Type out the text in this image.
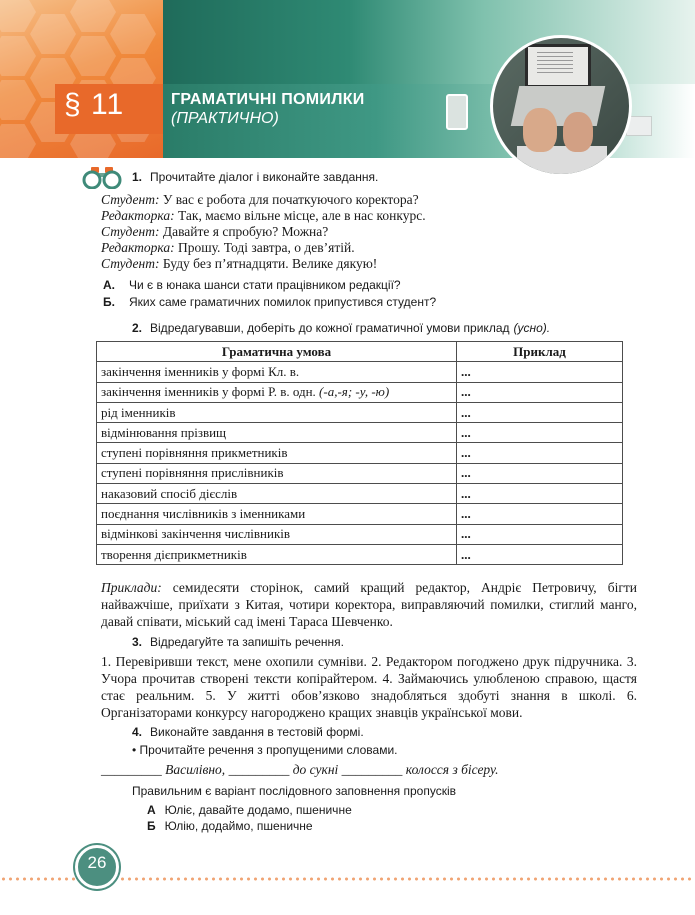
§ 11	ГРАМАТИЧНІ ПОМИЛКИ
(ПРАКТИЧНО)
1. Прочитайте діалог і виконайте завдання.
Студент: У вас є робота для початкуючого коректора?
Редакторка: Так, маємо вільне місце, але в нас конкурс.
Студент: Давайте я спробую? Можна?
Редакторка: Прошу. Тоді завтра, о дев’ятій.
Студент: Буду без п’ятнадцяти. Велике дякую!
А. Чи є в юнака шанси стати працівником редакції?
Б. Яких саме граматичних помилок припустився студент?
2. Відредагувавши, доберіть до кожної граматичної умови приклад (усно).
Граматична умова	Приклад
закінчення іменників у формі Кл. в.	...
закінчення іменників у формі Р. в. одн. (-а,-я; -у, -ю)	...
рід іменників	...
відмінювання прізвищ	...
ступені порівняння прикметників	...
ступені порівняння прислівників	...
наказовий спосіб дієслів	...
поєднання числівників з іменниками	...
відмінкові закінчення числівників	...
творення дієприкметників	...
Приклади: семидесяти сторінок, самий кращий редактор, Андріє Петровичу, бігти найважчіше, приїхати з Китая, чотири коректора, виправляючий помилки, стиглий манго, давай співати, міський сад імені Тараса Шевченко.
3. Відредагуйте та запишіть речення.
1. Перевіривши текст, мене охопили сумніви. 2. Редактором погоджено друк підручника. 3. Учора прочитав створені тексти копірайтером. 4. Займаючись улюбленою справою, щастя стає реальним. 5. У житті обов’язково знадобляться здобуті знання в школі. 6. Організаторами конкурсу нагороджено кращих знавців української мови.
4. Виконайте завдання в тестовій формі.
• Прочитайте речення з пропущеними словами.
_________ Василівно, _________ до сукні _________ колосся з бісеру.
Правильним є варіант послідовного заповнення пропусків
А Юліє, давайте додамо, пшеничне
Б Юлію, додаймо, пшеничне
26
